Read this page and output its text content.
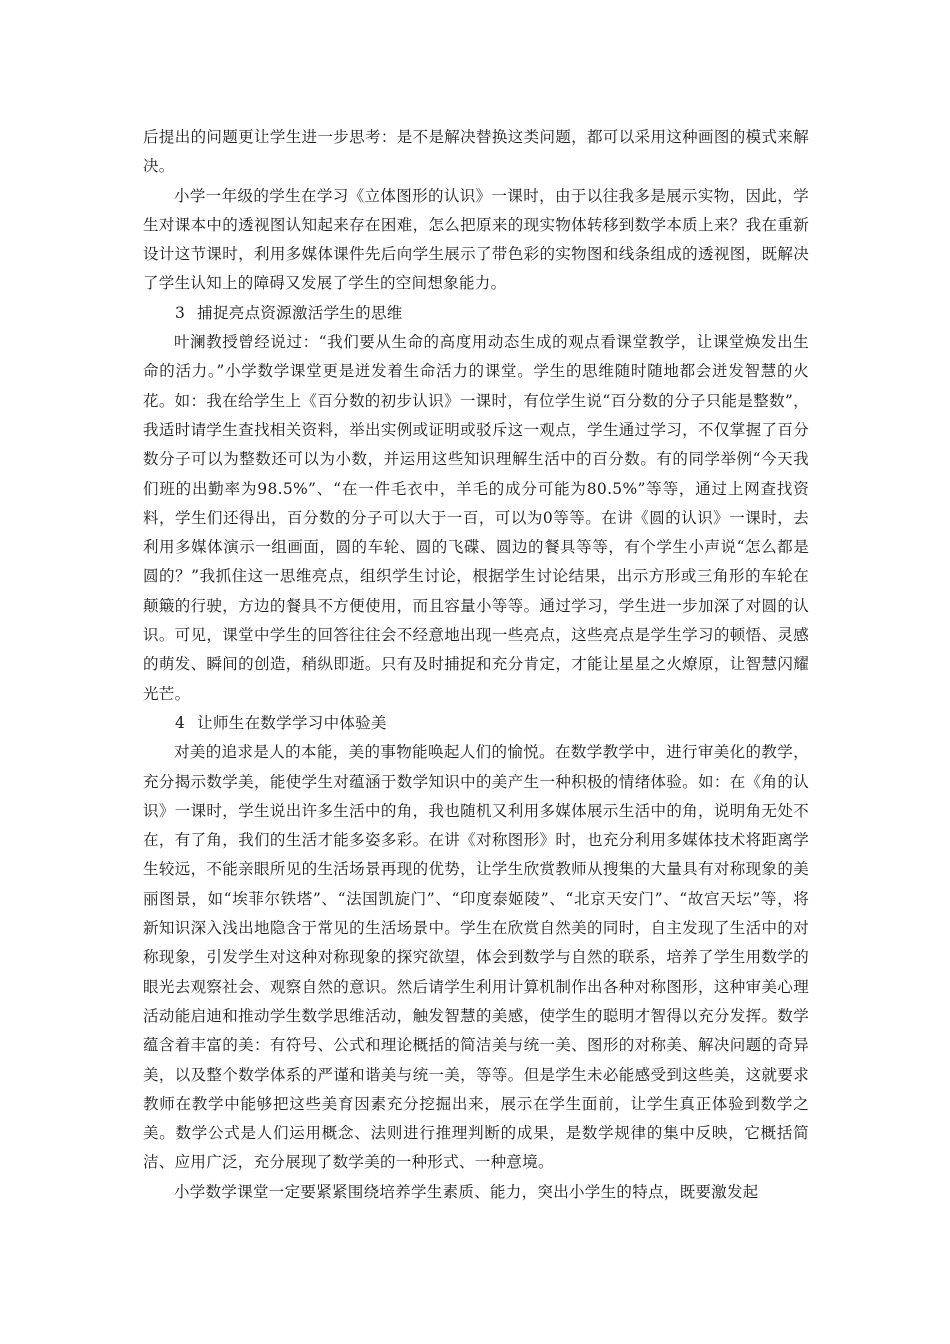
后提出的问题更让学生进一步思考：是不是解决替换这类问题，都可以采用这种画图的模式来解决。

小学一年级的学生在学习《立体图形的认识》一课时，由于以往我多是展示实物，因此，学生对课本中的透视图认知起来存在困难，怎么把原来的现实物体转移到数学本质上来？我在重新设计这节课时，利用多媒体课件先后向学生展示了带色彩的实物图和线条组成的透视图，既解决了学生认知上的障碍又发展了学生的空间想象能力。

3 捕捉亮点资源激活学生的思维

叶澜教授曾经说过：“我们要从生命的高度用动态生成的观点看课堂教学，让课堂焕发出生命的活力。”小学数学课堂更是迸发着生命活力的课堂。学生的思维随时随地都会迸发智慧的火花。如：我在给学生上《百分数的初步认识》一课时，有位学生说“百分数的分子只能是整数”，我适时请学生查找相关资料，举出实例或证明或驳斥这一观点，学生通过学习，不仅掌握了百分数分子可以为整数还可以为小数，并运用这些知识理解生活中的百分数。有的同学举例“今天我们班的出勤率为98.5%”、“在一件毛衣中，羊毛的成分可能为80.5%”等等，通过上网查找资料，学生们还得出，百分数的分子可以大于一百，可以为0等等。在讲《圆的认识》一课时，去利用多媒体演示一组画面，圆的车轮、圆的飞碟、圆边的餐具等等，有个学生小声说“怎么都是圆的？”我抓住这一思维亮点，组织学生讨论，根据学生讨论结果，出示方形或三角形的车轮在颠簸的行驶，方边的餐具不方便使用，而且容量小等等。通过学习，学生进一步加深了对圆的认识。可见，课堂中学生的回答往往会不经意地出现一些亮点，这些亮点是学生学习的顿悟、灵感的萌发、瞬间的创造，稍纵即逝。只有及时捕捉和充分肯定，才能让星星之火燎原，让智慧闪耀光芒。

4 让师生在数学学习中体验美

对美的追求是人的本能，美的事物能唤起人们的愉悦。在数学教学中，进行审美化的教学，充分揭示数学美，能使学生对蕴涵于数学知识中的美产生一种积极的情绪体验。如：在《角的认识》一课时，学生说出许多生活中的角，我也随机又利用多媒体展示生活中的角，说明角无处不在，有了角，我们的生活才能多姿多彩。在讲《对称图形》时，也充分利用多媒体技术将距离学生较远，不能亲眼所见的生活场景再现的优势，让学生欣赏教师从搜集的大量具有对称现象的美丽图景，如“埃菲尔铁塔”、“法国凯旋门”、“印度泰姬陵”、“北京天安门”、“故宫天坛”等，将新知识深入浅出地隐含于常见的生活场景中。学生在欣赏自然美的同时，自主发现了生活中的对称现象，引发学生对这种对称现象的探究欲望，体会到数学与自然的联系，培养了学生用数学的眼光去观察社会、观察自然的意识。然后请学生利用计算机制作出各种对称图形，这种审美心理活动能启迪和推动学生数学思维活动，触发智慧的美感，使学生的聪明才智得以充分发挥。数学蕴含着丰富的美：有符号、公式和理论概括的简洁美与统一美、图形的对称美、解决问题的奇异美，以及整个数学体系的严谨和谐美与统一美，等等。但是学生未必能感受到这些美，这就要求教师在教学中能够把这些美育因素充分挖掘出来，展示在学生面前，让学生真正体验到数学之美。数学公式是人们运用概念、法则进行推理判断的成果，是数学规律的集中反映，它概括简洁、应用广泛，充分展现了数学美的一种形式、一种意境。

小学数学课堂一定要紧紧围绕培养学生素质、能力，突出小学生的特点，既要激发起
